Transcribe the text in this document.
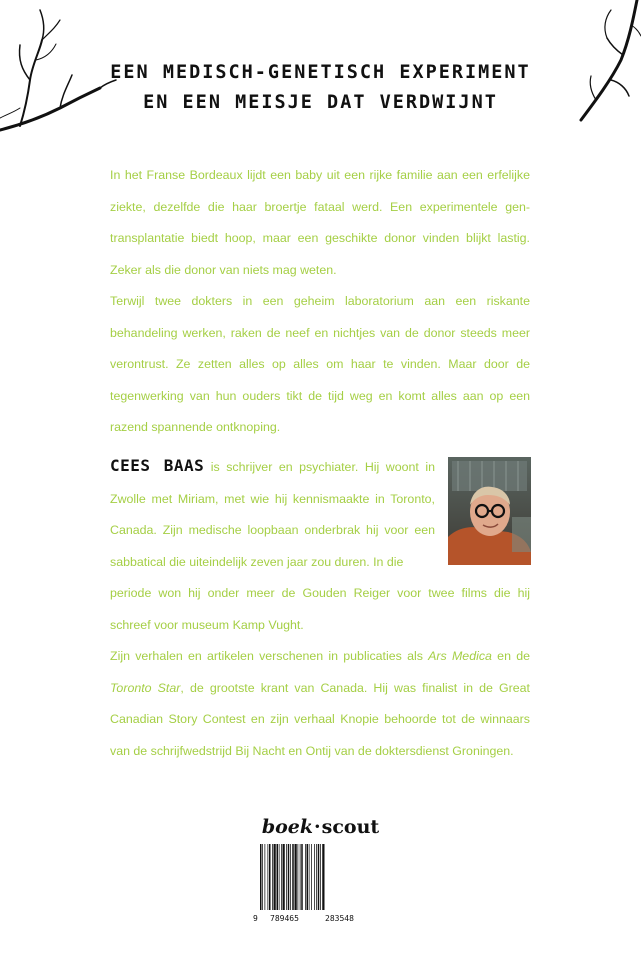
EEN MEDISCH-GENETISCH EXPERIMENT
EN EEN MEISJE DAT VERDWIJNT

In het Franse Bordeaux lijdt een baby uit een rijke familie aan een erfelijke ziekte, dezelfde die haar broertje fataal werd. Een experimentele gen-transplantatie biedt hoop, maar een geschikte donor vinden blijkt lastig. Zeker als die donor van niets mag weten.

Terwijl twee dokters in een geheim laboratorium aan een riskante behandeling werken, raken de neef en nichtjes van de donor steeds meer verontrust. Ze zetten alles op alles om haar te vinden. Maar door de tegenwerking van hun ouders tikt de tijd weg en komt alles aan op een razend spannende ontknoping.

CEES BAAS is schrijver en psychiater. Hij woont in Zwolle met Miriam, met wie hij kennismaakte in Toronto, Canada. Zijn medische loopbaan onderbrak hij voor een sabbatical die uiteindelijk zeven jaar zou duren. In die

periode won hij onder meer de Gouden Reiger voor twee films die hij schreef voor museum Kamp Vught.

Zijn verhalen en artikelen verschenen in publicaties als Ars Medica en de Toronto Star, de grootste krant van Canada. Hij was finalist in de Great Canadian Story Contest en zijn verhaal Knopie behoorde tot de winnaars van de schrijfwedstrijd Bij Nacht en Ontij van de doktersdienst Groningen.

boek·scout
9 789465	283548
